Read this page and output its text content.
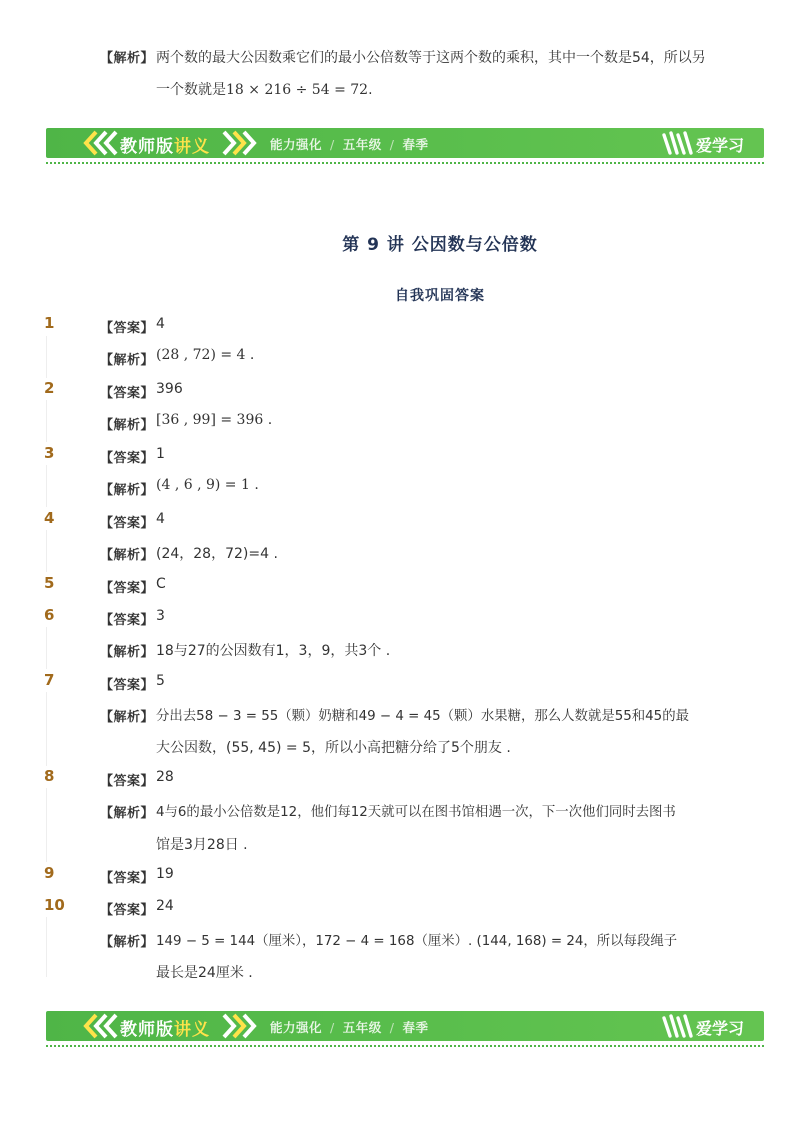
【解析】 两个数的最大公因数乘它们的最小公倍数等于这两个数的乘积，其中一个数是54，所以另
一个数就是18 × 216 ÷ 54 = 72.
教师版讲义	能力强化 / 五年级 / 春季	爱学习
第 9 讲 公因数与公倍数
自我巩固答案
1	【答案】 4
【解析】 (28 , 72) = 4 .
2	【答案】 396
【解析】 [36 , 99] = 396 .
3	【答案】 1
【解析】 (4 , 6 , 9) = 1 .
4	【答案】 4
【解析】 (24，28，72)=4 .
5	【答案】 C
6	【答案】 3
【解析】 18与27的公因数有1，3，9，共3个 .
7	【答案】 5
【解析】 分出去58 − 3 = 55（颗）奶糖和49 − 4 = 45（颗）水果糖，那么人数就是55和45的最
大公因数，(55, 45) = 5，所以小高把糖分给了5个朋友 .
8	【答案】 28
【解析】 4与6的最小公倍数是12，他们每12天就可以在图书馆相遇一次，下一次他们同时去图书
馆是3月28日 .
9	【答案】 19
10	【答案】 24
【解析】 149 − 5 = 144（厘米），172 − 4 = 168（厘米）. (144, 168) = 24，所以每段绳子
最长是24厘米 .
教师版讲义	能力强化 / 五年级 / 春季	爱学习
